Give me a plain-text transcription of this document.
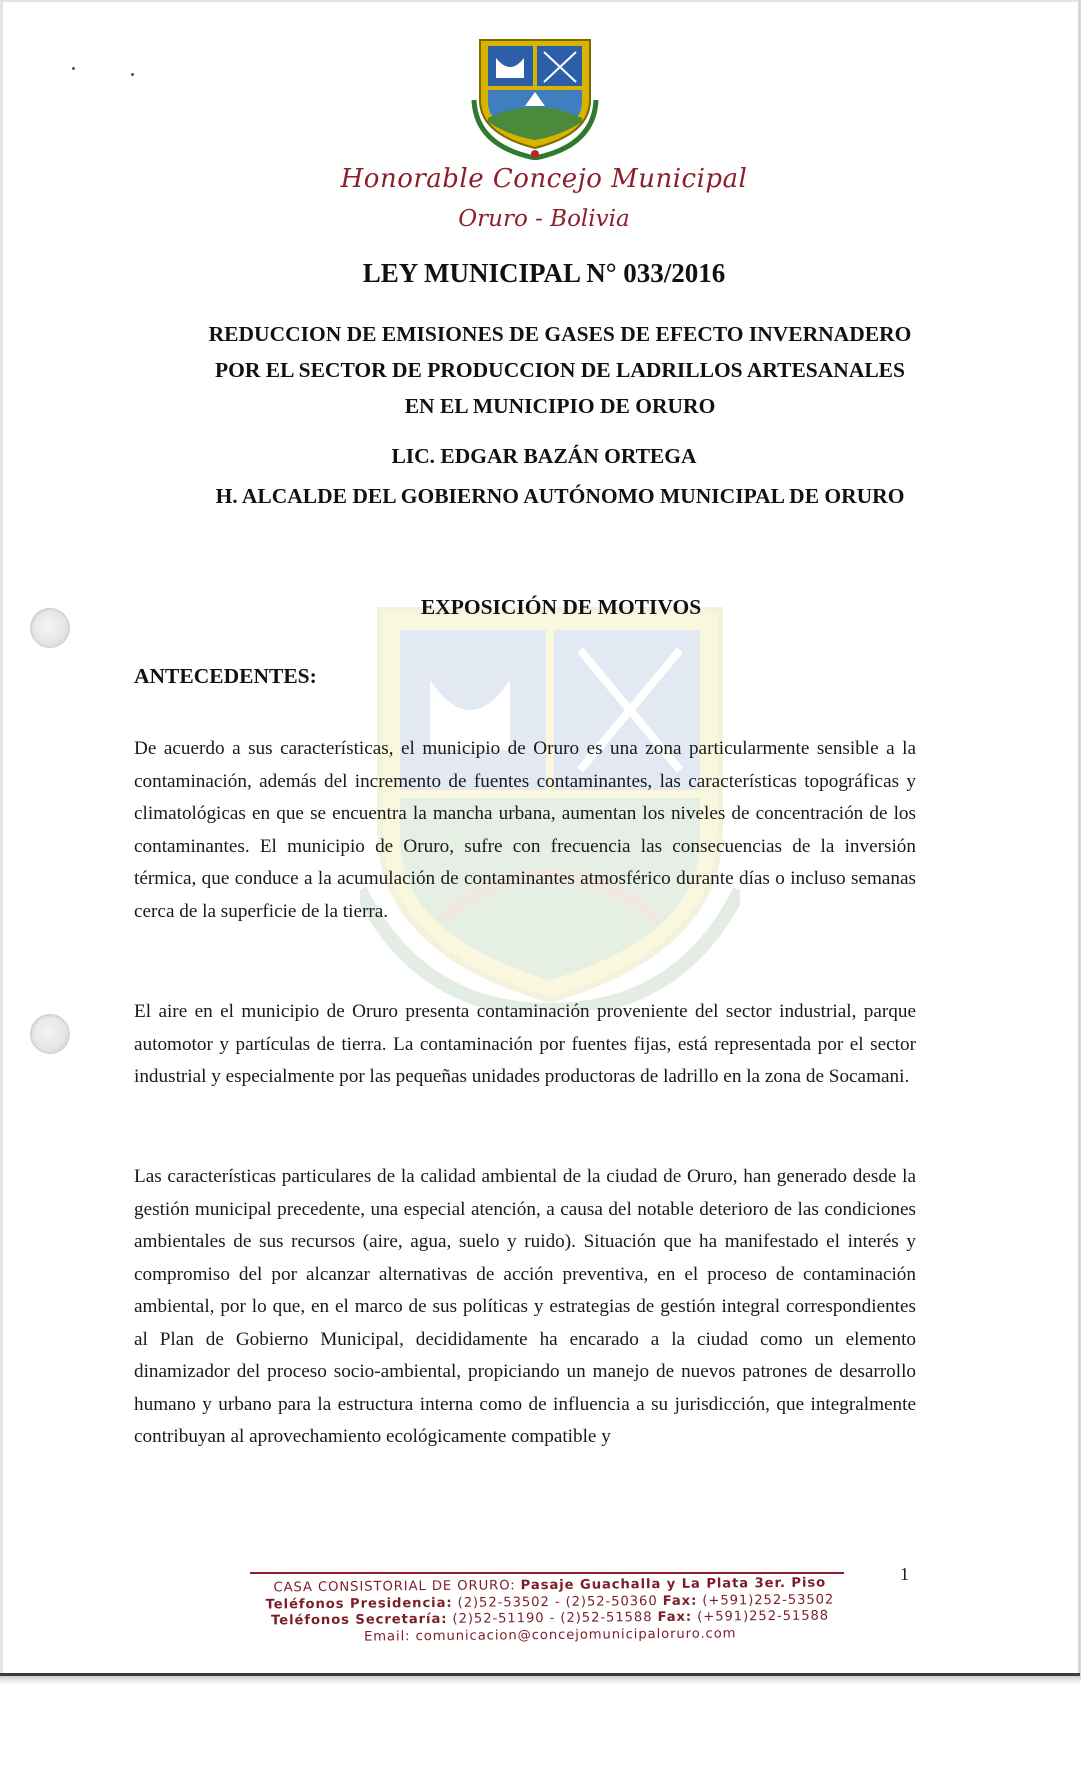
Honorable Concejo Municipal
Oruro - Bolivia
LEY MUNICIPAL N° 033/2016
REDUCCION DE EMISIONES DE GASES DE EFECTO INVERNADERO POR EL SECTOR DE PRODUCCION DE LADRILLOS ARTESANALES EN EL MUNICIPIO DE ORURO
LIC. EDGAR BAZÁN ORTEGA
H. ALCALDE DEL GOBIERNO AUTÓNOMO MUNICIPAL DE ORURO
EXPOSICIÓN DE MOTIVOS
ANTECEDENTES:

De acuerdo a sus características, el municipio de Oruro es una zona particularmente sensible a la contaminación, además del incremento de fuentes contaminantes, las características topográficas y climatológicas en que se encuentra la mancha urbana, aumentan los niveles de concentración de los contaminantes. El municipio de Oruro, sufre con frecuencia las consecuencias de la inversión térmica, que conduce a la acumulación de contaminantes atmosférico durante días o incluso semanas cerca de la superficie de la tierra.

El aire en el municipio de Oruro presenta contaminación proveniente del sector industrial, parque automotor y partículas de tierra. La contaminación por fuentes fijas, está representada por el sector industrial y especialmente por las pequeñas unidades productoras de ladrillo en la zona de Socamani.

Las características particulares de la calidad ambiental de la ciudad de Oruro, han generado desde la gestión municipal precedente, una especial atención, a causa del notable deterioro de las condiciones ambientales de sus recursos (aire, agua, suelo y ruido). Situación que ha manifestado el interés y compromiso del por alcanzar alternativas de acción preventiva, en el proceso de contaminación ambiental, por lo que, en el marco de sus políticas y estrategias de gestión integral correspondientes al Plan de Gobierno Municipal, decididamente ha encarado a la ciudad como un elemento dinamizador del proceso socio-ambiental, propiciando un manejo de nuevos patrones de desarrollo humano y urbano para la estructura interna como de influencia a su jurisdicción, que integralmente contribuyan al aprovechamiento ecológicamente compatible y

1
CASA CONSISTORIAL DE ORURO: Pasaje Guachalla y La Plata 3er. Piso
Teléfonos Presidencia: (2)52-53502 - (2)52-50360 Fax: (+591)252-53502
Teléfonos Secretaría: (2)52-51190 - (2)52-51588 Fax: (+591)252-51588
Email: comunicacion@concejomunicipaloruro.com
